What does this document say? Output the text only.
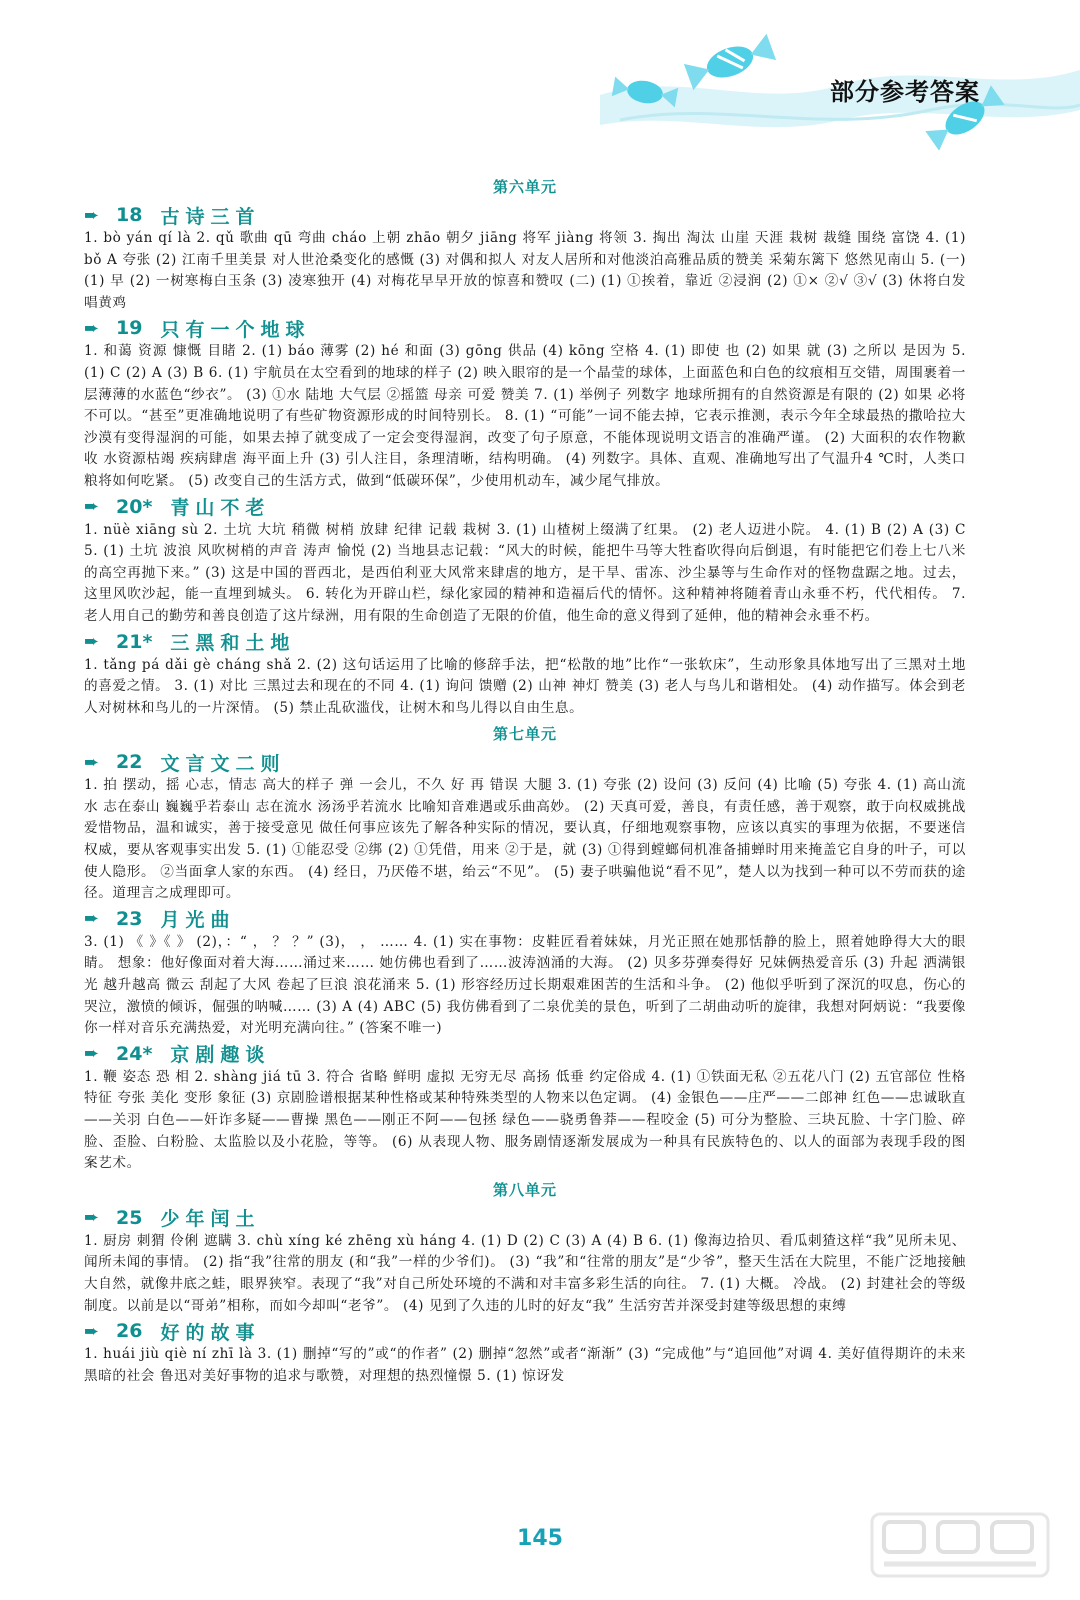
部分参考答案
第六单元
➨ 18 古诗三首

1. bò yán qí là 2. qǔ 歌曲 qū 弯曲 cháo 上朝 zhāo 朝夕 jiāng 将军 jiàng 将领 3. 掏出 淘汰 山崖 天涯 栽树 裁缝 围绕 富饶 4. (1) bǒ A 夸张 (2) 江南千里美景 对人世沧桑变化的感慨 (3) 对偶和拟人 对友人居所和对他淡泊高雅品质的赞美 采菊东篱下 悠然见南山 5. (一) (1) 早 (2) 一树寒梅白玉条 (3) 凌寒独开 (4) 对梅花早早开放的惊喜和赞叹 (二) (1) ①挨着，靠近 ②浸润 (2) ①× ②√ ③√ (3) 休将白发唱黄鸡

➨ 19 只有一个地球

1. 和蔼 资源 慷慨 目睹 2. (1) báo 薄雾 (2) hé 和面 (3) gōng 供品 (4) kōng 空格 4. (1) 即使 也 (2) 如果 就 (3) 之所以 是因为 5. (1) C (2) A (3) B 6. (1) 宇航员在太空看到的地球的样子 (2) 映入眼帘的是一个晶莹的球体，上面蓝色和白色的纹痕相互交错，周围裹着一层薄薄的水蓝色“纱衣”。 (3) ①水 陆地 大气层 ②摇篮 母亲 可爱 赞美 7. (1) 举例子 列数字 地球所拥有的自然资源是有限的 (2) 如果 必将 不可以。“甚至”更准确地说明了有些矿物资源形成的时间特别长。 8. (1) “可能”一词不能去掉，它表示推测，表示今年全球最热的撒哈拉大沙漠有变得湿润的可能，如果去掉了就变成了一定会变得湿润，改变了句子原意，不能体现说明文语言的准确严谨。 (2) 大面积的农作物歉收 水资源枯竭 疾病肆虐 海平面上升 (3) 引人注目，条理清晰，结构明确。 (4) 列数字。具体、直观、准确地写出了气温升4 ℃时，人类口粮将如何吃紧。 (5) 改变自己的生活方式，做到“低碳环保”，少使用机动车，减少尾气排放。

➨ 20* 青山不老

1. nüè xiāng sù 2. 土坑 大坑 稍微 树梢 放肆 纪律 记载 栽树 3. (1) 山楂树上缀满了红果。 (2) 老人迈进小院。 4. (1) B (2) A (3) C 5. (1) 土坑 波浪 风吹树梢的声音 涛声 愉悦 (2) 当地县志记载：“风大的时候，能把牛马等大牲畜吹得向后倒退，有时能把它们卷上七八米的高空再抛下来。” (3) 这是中国的晋西北，是西伯利亚大风常来肆虐的地方，是干旱、雷冻、沙尘暴等与生命作对的怪物盘踞之地。过去，这里风吹沙起，能一直埋到城头。 6. 转化为开辟山栏，绿化家园的精神和造福后代的情怀。这种精神将随着青山永垂不朽，代代相传。 7. 老人用自己的勤劳和善良创造了这片绿洲，用有限的生命创造了无限的价值，他生命的意义得到了延伸，他的精神会永垂不朽。

➨ 21* 三黑和土地

1. tǎng pá dǎi gè cháng shǎ 2. (2) 这句话运用了比喻的修辞手法，把“松散的地”比作“一张软床”，生动形象具体地写出了三黑对土地的喜爱之情。 3. (1) 对比 三黑过去和现在的不同 4. (1) 询问 馈赠 (2) 山神 神灯 赞美 (3) 老人与鸟儿和谐相处。 (4) 动作描写。体会到老人对树林和鸟儿的一片深情。 (5) 禁止乱砍滥伐，让树木和鸟儿得以自由生息。

第七单元
➨ 22 文言文二则

1. 拍 摆动，摇 心志，情志 高大的样子 弹 一会儿，不久 好 再 错误 大腿 3. (1) 夸张 (2) 设问 (3) 反问 (4) 比喻 (5) 夸张 4. (1) 高山流水 志在泰山 巍巍乎若泰山 志在流水 汤汤乎若流水 比喻知音难遇或乐曲高妙。 (2) 天真可爱，善良，有责任感，善于观察，敢于向权威挑战 爱惜物品，温和诚实，善于接受意见 做任何事应该先了解各种实际的情况，要认真，仔细地观察事物，应该以真实的事理为依据，不要迷信权威，要从客观事实出发 5. (1) ①能忍受 ②绑 (2) ①凭借，用来 ②于是，就 (3) ①得到螳螂伺机准备捕蝉时用来掩盖它自身的叶子，可以使人隐形。 ②当面拿人家的东西。 (4) 经日，乃厌倦不堪，绐云“不见”。 (5) 妻子哄骗他说“看不见”，楚人以为找到一种可以不劳而获的途径。道理言之成理即可。

➨ 23 月光曲

3. (1) 《 》《 》 (2)，：“ ， ？ ？” (3)， ， …… 4. (1) 实在事物：皮鞋匠看着妹妹，月光正照在她那恬静的脸上，照着她睁得大大的眼睛。 想象：他好像面对着大海……涌过来…… 她仿佛也看到了……波涛汹涌的大海。 (2) 贝多芬弹奏得好 兄妹俩热爱音乐 (3) 升起 洒满银光 越升越高 微云 刮起了大风 卷起了巨浪 浪花涌来 5. (1) 形容经历过长期艰难困苦的生活和斗争。 (2) 他似乎听到了深沉的叹息，伤心的哭泣，激愤的倾诉，倔强的呐喊…… (3) A (4) ABC (5) 我仿佛看到了二泉优美的景色，听到了二胡曲动听的旋律，我想对阿炳说：“我要像你一样对音乐充满热爱，对光明充满向往。” (答案不唯一)

➨ 24* 京剧趣谈

1. 鞭 姿态 恐 相 2. shàng jiá tū 3. 符合 省略 鲜明 虚拟 无穷无尽 高扬 低垂 约定俗成 4. (1) ①铁面无私 ②五花八门 (2) 五官部位 性格特征 夸张 美化 变形 象征 (3) 京剧脸谱根据某种性格或某种特殊类型的人物来以色定调。 (4) 金银色——庄严——二郎神 红色——忠诚耿直——关羽 白色——奸诈多疑——曹操 黑色——刚正不阿——包拯 绿色——骁勇鲁莽——程咬金 (5) 可分为整脸、三块瓦脸、十字门脸、碎脸、歪脸、白粉脸、太监脸以及小花脸，等等。 (6) 从表现人物、服务剧情逐渐发展成为一种具有民族特色的、以人的面部为表现手段的图案艺术。

第八单元
➨ 25 少年闰土

1. 厨房 刺猬 伶俐 遮瞒 3. chù xíng ké zhēng xù háng 4. (1) D (2) C (3) A (4) B 6. (1) 像海边拾贝、看瓜刺猹这样“我”见所未见、闻所未闻的事情。 (2) 指“我”往常的朋友 (和“我”一样的少爷们)。 (3) “我”和“往常的朋友”是“少爷”，整天生活在大院里，不能广泛地接触大自然，就像井底之蛙，眼界狭窄。表现了“我”对自己所处环境的不满和对丰富多彩生活的向往。 7. (1) 大概。 冷战。 (2) 封建社会的等级制度。以前是以“哥弟”相称，而如今却叫“老爷”。 (4) 见到了久违的儿时的好友“我” 生活穷苦并深受封建等级思想的束缚

➨ 26 好的故事

1. huái jiù qiè ní zhī là 3. (1) 删掉“写的”或“的作者” (2) 删掉“忽然”或者“渐渐” (3) “完成他”与“追回他”对调 4. 美好值得期许的未来 黑暗的社会 鲁迅对美好事物的追求与歌赞，对理想的热烈憧憬 5. (1) 惊讶发

145
